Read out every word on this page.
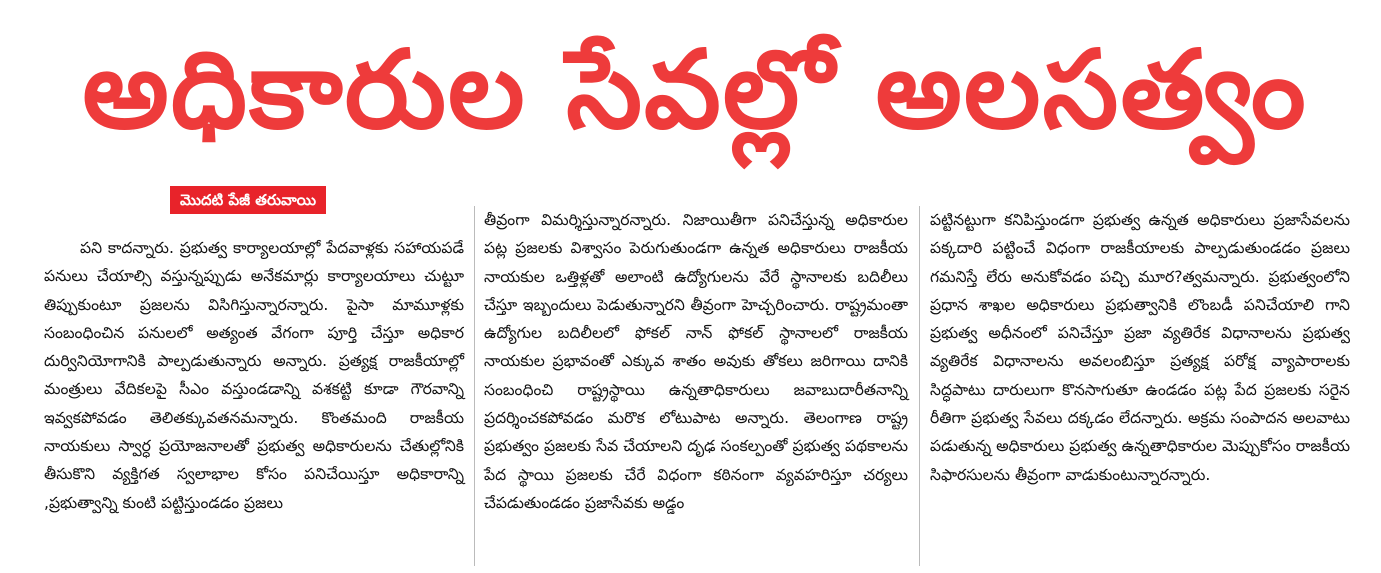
అధికారుల సేవల్లో అలసత్వం
మొదటి పేజీ తరువాయి

పని కాదన్నారు. ప్రభుత్వ కార్యాలయాల్లో పేదవాళ్లకు సహాయపడే పనులు చేయాల్సి వస్తున్నప్పుడు అనేకమార్లు కార్యాలయాలు చుట్టూ తిప్పుకుంటూ ప్రజలను విసిగిస్తున్నారన్నారు. పైసా మామూళ్లకు సంబంధించిన పనులలో అత్యంత వేగంగా పూర్తి చేస్తూ అధికార దుర్వినియోగానికి పాల్పడుతున్నారు అన్నారు. ప్రత్యక్ష రాజకీయాల్లో మంత్రులు వేదికలపై సీఎం వస్తుండడాన్ని వశకట్టి కూడా గౌరవాన్ని ఇవ్వకపోవడం తెలితక్కువతనమన్నారు. కొంతమంది రాజకీయ నాయకులు స్వార్ధ ప్రయోజనాలతో ప్రభుత్వ అధికారులను చేతుల్లోనికి తీసుకొని వ్యక్తిగత స్వలాభాల కోసం పనిచేయిస్తూ అధికారాన్ని ,ప్రభుత్వాన్ని కుంటి పట్టిస్తుండడం ప్రజలు

తీవ్రంగా విమర్శిస్తున్నారన్నారు. నిజాయితీగా పనిచేస్తున్న అధికారుల పట్ల ప్రజలకు విశ్వాసం పెరుగుతుండగా ఉన్నత అధికారులు రాజకీయ నాయకుల ఒత్తిళ్లతో అలాంటి ఉద్యోగులను వేరే స్థానాలకు బదిలీలు చేస్తూ ఇబ్బందులు పెడుతున్నారని తీవ్రంగా హెచ్చరించారు. రాష్ట్రమంతా ఉద్యోగుల బదిలీలలో ఫోకల్ నాన్ ఫోకల్ స్థానాలలో రాజకీయ నాయకుల ప్రభావంతో ఎక్కువ శాతం అవుకు తోకలు జరిగాయి దానికి సంబంధించి రాష్ట్రస్థాయి ఉన్నతాధికారులు జవాబుదారీతనాన్ని ప్రదర్శించకపోవడం మరొక లోటుపాట అన్నారు. తెలంగాణ రాష్ట్ర ప్రభుత్వం ప్రజలకు సేవ చేయాలని దృఢ సంకల్పంతో ప్రభుత్వ పథకాలను పేద స్థాయి ప్రజలకు చేరే విధంగా కఠినంగా వ్యవహరిస్తూ చర్యలు చేపడుతుండడం ప్రజాసేవకు అడ్డం

పట్టినట్టుగా కనిపిస్తుండగా ప్రభుత్వ ఉన్నత అధికారులు ప్రజాసేవలను పక్కదారి పట్టించే విధంగా రాజకీయాలకు పాల్పడుతుండడం ప్రజలు గమనిస్తే లేరు అనుకోవడం పచ్చి మూర?త్వమన్నారు. ప్రభుత్వంలోని ప్రధాన శాఖల అధికారులు ప్రభుత్వానికి లొంబడీ పనిచేయాలి గాని ప్రభుత్వ అధీనంలో పనిచేస్తూ ప్రజా వ్యతిరేక విధానాలను ప్రభుత్వ వ్యతిరేక విధానాలను అవలంబిస్తూ ప్రత్యక్ష పరోక్ష వ్యాపారాలకు సిద్ధపాటు దారులుగా కొనసాగుతూ ఉండడం పట్ల పేద ప్రజలకు సరైన రీతిగా ప్రభుత్వ సేవలు దక్కడం లేదన్నారు. అక్రమ సంపాదన అలవాటు పడుతున్న అధికారులు ప్రభుత్వ ఉన్నతాధికారుల మెప్పుకోసం రాజకీయ సిఫారసులను తీవ్రంగా వాడుకుంటున్నారన్నారు.
